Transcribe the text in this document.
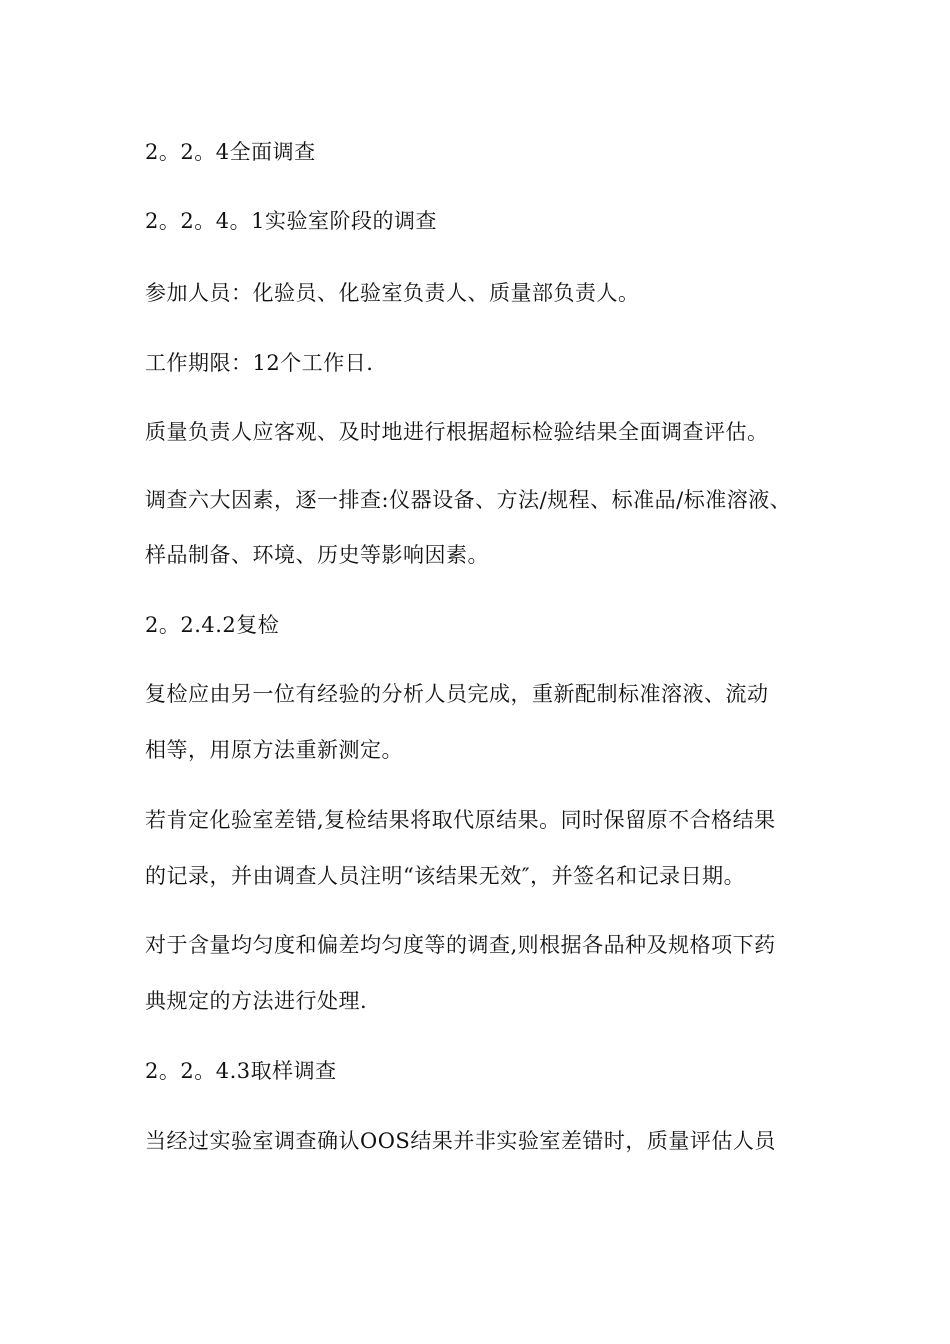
2。2。4全面调查
2。2。4。1实验室阶段的调查
参加人员：化验员、化验室负责人、质量部负责人。
工作期限：12个工作日.
质量负责人应客观、及时地进行根据超标检验结果全面调查评估。
调查六大因素，逐一排查:仪器设备、方法/规程、标准品/标准溶液、
样品制备、环境、历史等影响因素。
2。2.4.2复检
复检应由另一位有经验的分析人员完成，重新配制标准溶液、流动
相等，用原方法重新测定。
若肯定化验室差错,复检结果将取代原结果。同时保留原不合格结果
的记录，并由调查人员注明“该结果无效″，并签名和记录日期。
对于含量均匀度和偏差均匀度等的调查,则根据各品种及规格项下药
典规定的方法进行处理.
2。2。4.3取样调查
当经过实验室调查确认OOS结果并非实验室差错时，质量评估人员
